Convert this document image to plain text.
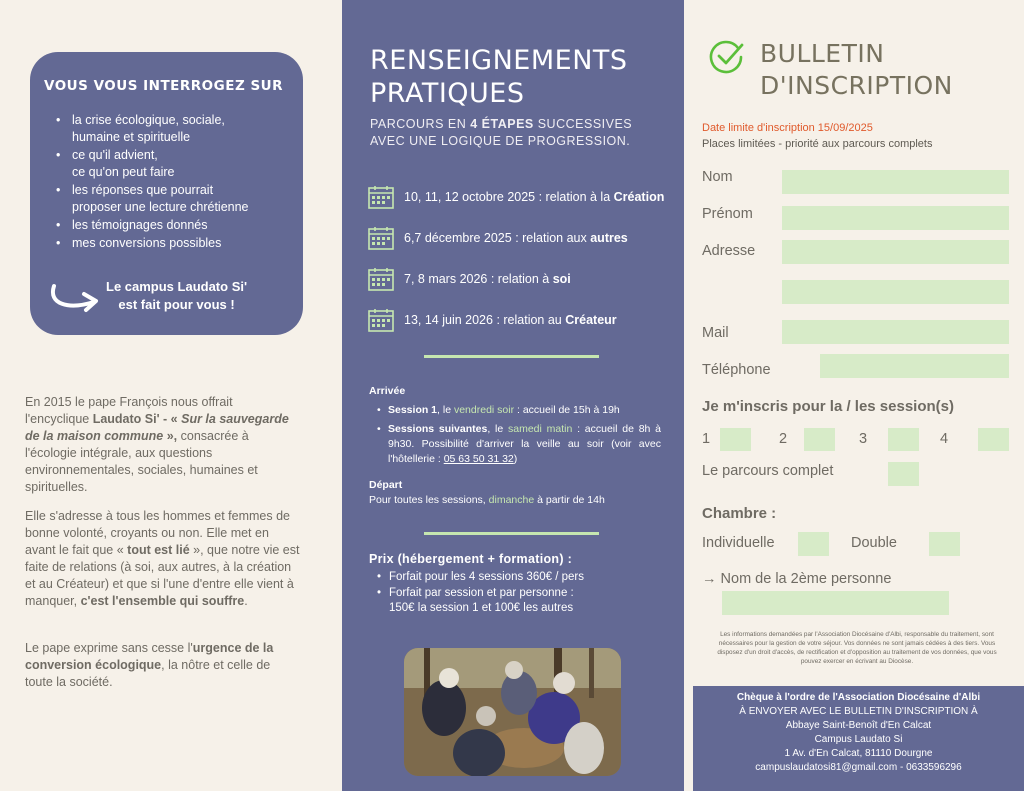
VOUS VOUS INTERROGEZ SUR
• la crise écologique, sociale,
humaine et spirituelle
• ce qu'il advient,
ce qu'on peut faire
• les réponses que pourrait
proposer une lecture chrétienne
• les témoignages donnés
• mes conversions possibles
Le campus Laudato Si'
est fait pour vous !

En 2015 le pape François nous offrait l'encyclique Laudato Si' - « Sur la sauvegarde de la maison commune », consacrée à l'écologie intégrale, aux questions environnementales, sociales, humaines et spirituelles.

Elle s'adresse à tous les hommes et femmes de bonne volonté, croyants ou non. Elle met en avant le fait que « tout est lié », que notre vie est faite de relations (à soi, aux autres, à la création et au Créateur) et que si l'une d'entre elle vient à manquer, c'est l'ensemble qui souffre.

Le pape exprime sans cesse l'urgence de la conversion écologique, la nôtre et celle de toute la société.

RENSEIGNEMENTS
PRATIQUES
PARCOURS EN 4 ÉTAPES SUCCESSIVES
AVEC UNE LOGIQUE DE PROGRESSION.
10, 11, 12 octobre 2025 : relation à la Création
6,7 décembre 2025 : relation aux autres
7, 8 mars 2026 : relation à soi
13, 14 juin 2026 : relation au Créateur
Arrivée
• Session 1, le vendredi soir : accueil de 15h à 19h
• Sessions suivantes, le samedi matin : accueil de 8h à 9h30. Possibilité d'arriver la veille au soir (voir avec l'hôtellerie : 05 63 50 31 32)
Départ
Pour toutes les sessions, dimanche à partir de 14h
Prix (hébergement + formation) :
• Forfait pour les 4 sessions 360€ / pers
• Forfait par session et par personne :
150€ la session 1 et 100€ les autres
BULLETIN
D'INSCRIPTION
Date limite d'inscription 15/09/2025
Places limitées - priorité aux parcours complets
Nom
Prénom
Adresse
Mail
Téléphone
Je m'inscris pour la / les session(s)
1	2	3	4
Le parcours complet
Chambre :
Individuelle	Double
→ Nom de la 2ème personne
Les informations demandées par l'Association Diocésaine d'Albi, responsable du traitement, sont nécessaires pour la gestion de votre séjour. Vos données ne sont jamais cédées à des tiers. Vous disposez d'un droit d'accès, de rectification et d'opposition au traitement de vos données, que vous pouvez exercer en écrivant au Diocèse.
Chèque à l'ordre de l'Association Diocésaine d'Albi
À ENVOYER AVEC LE BULLETIN D'INSCRIPTION À
Abbaye Saint-Benoît d'En Calcat
Campus Laudato Si
1 Av. d'En Calcat, 81110 Dourgne
campuslaudatosi81@gmail.com - 0633596296
